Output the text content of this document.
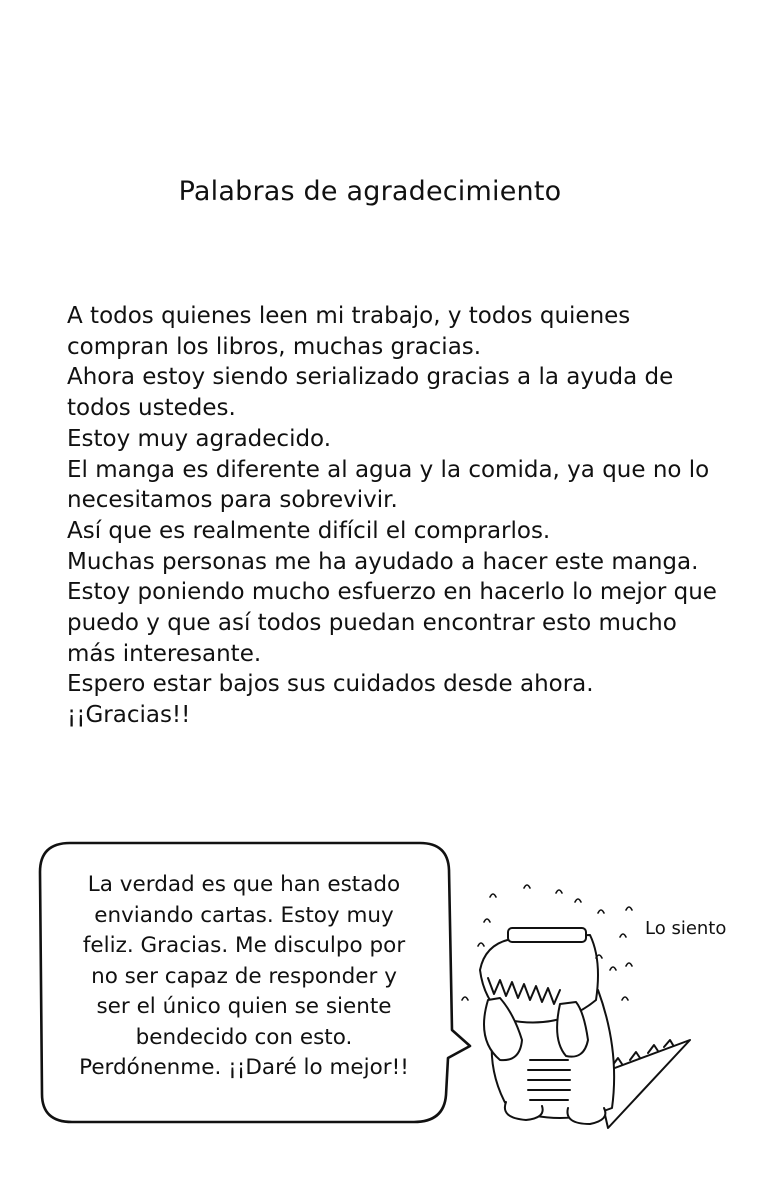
Palabras de agradecimiento
A todos quienes leen mi trabajo, y todos quienes
compran los libros, muchas gracias.
Ahora estoy siendo serializado gracias a la ayuda de
todos ustedes.
Estoy muy agradecido.
El manga es diferente al agua y la comida, ya que no lo
necesitamos para sobrevivir.
Así que es realmente difícil el comprarlos.
Muchas personas me ha ayudado a hacer este manga.
Estoy poniendo mucho esfuerzo en hacerlo lo mejor que
puedo y que así todos puedan encontrar esto mucho
más interesante.
Espero estar bajos sus cuidados desde ahora.
¡¡Gracias!!
La verdad es que han estado
enviando cartas. Estoy muy
feliz. Gracias. Me disculpo por
no ser capaz de responder y
ser el único quien se siente
bendecido con esto.
Perdónenme. ¡¡Daré lo mejor!!
Lo siento
